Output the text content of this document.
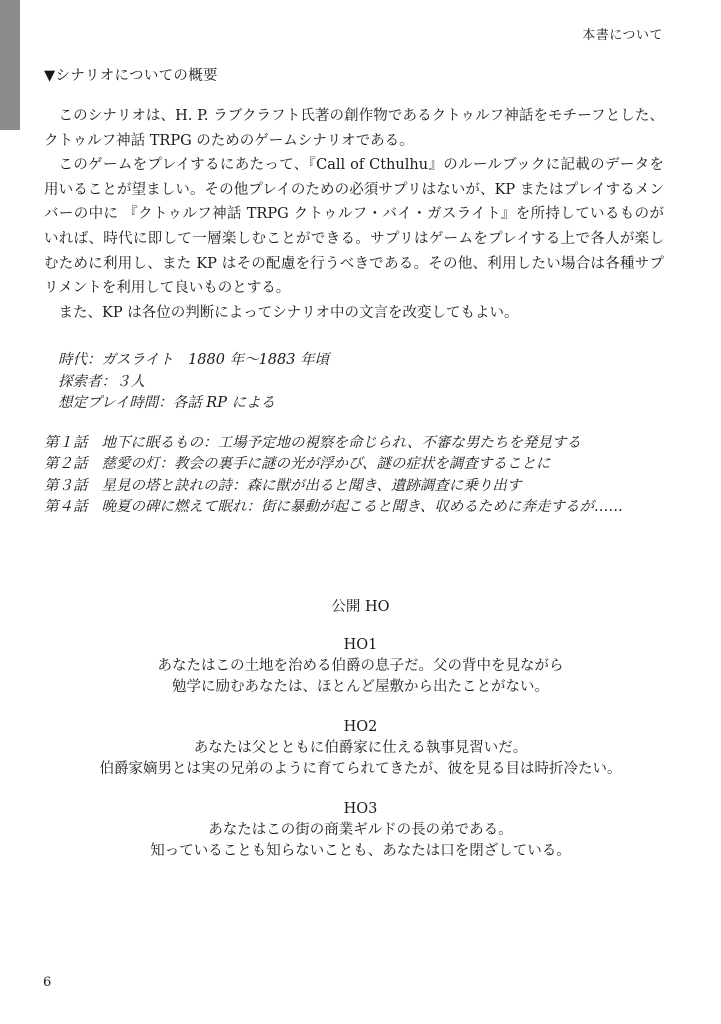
本書について
▼シナリオについての概要

このシナリオは、H. P. ラブクラフト氏著の創作物であるクトゥルフ神話をモチーフとした、クトゥルフ神話 TRPG のためのゲームシナリオである。

このゲームをプレイするにあたって、『Call of Cthulhu』のルールブックに記載のデータを用いることが望ましい。その他プレイのための必須サプリはないが、KP またはプレイするメンバーの中に 『クトゥルフ神話 TRPG クトゥルフ・バイ・ガスライト』を所持しているものがいれば、時代に即して一層楽しむことができる。サプリはゲームをプレイする上で各人が楽しむために利用し、また KP はその配慮を行うべきである。その他、利用したい場合は各種サプリメントを利用して良いものとする。

また、KP は各位の判断によってシナリオ中の文言を改変してもよい。

時代：ガスライト　1880 年～1883 年頃
探索者：３人
想定プレイ時間：各話 RP による
第１話 地下に眠るもの：工場予定地の視察を命じられ、不審な男たちを発見する
第２話 慈愛の灯：教会の裏手に謎の光が浮かび、謎の症状を調査することに
第３話 星見の塔と訣れの詩：森に獣が出ると聞き、遺跡調査に乗り出す
第４話 晩夏の碑に燃えて眠れ：街に暴動が起こると聞き、収めるために奔走するが……
公開 HO
HO1
あなたはこの土地を治める伯爵の息子だ。父の背中を見ながら
勉学に励むあなたは、ほとんど屋敷から出たことがない。
HO2
あなたは父とともに伯爵家に仕える執事見習いだ。
伯爵家嫡男とは実の兄弟のように育てられてきたが、彼を見る目は時折冷たい。
HO3
あなたはこの街の商業ギルドの長の弟である。
知っていることも知らないことも、あなたは口を閉ざしている。
6
